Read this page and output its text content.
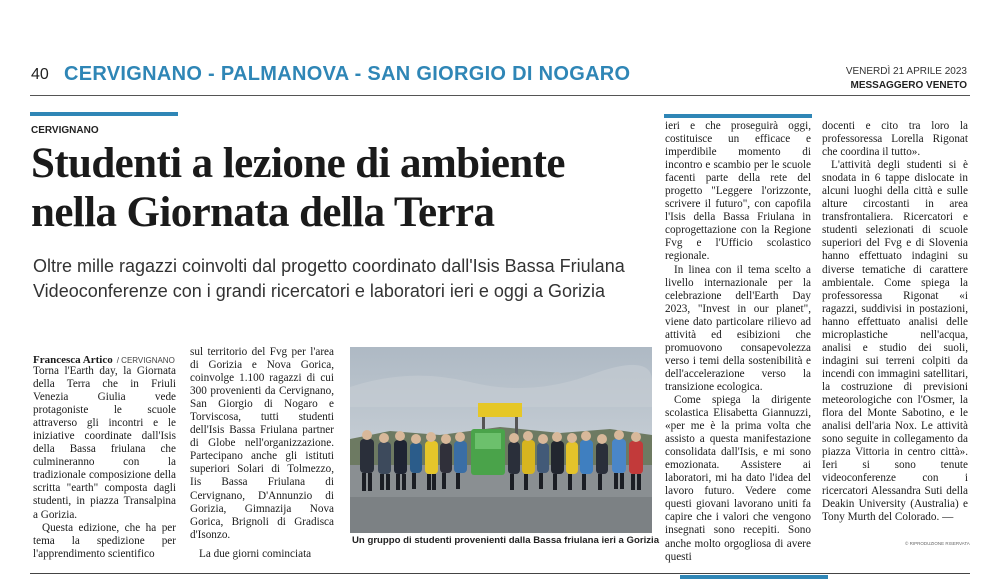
40 CERVIGNANO - PALMANOVA - SAN GIORGIO DI NOGARO	VENERDÌ 21 APRILE 2023
MESSAGGERO VENETO
CERVIGNANO
Studenti a lezione di ambiente
nella Giornata della Terra
Oltre mille ragazzi coinvolti dal progetto coordinato dall'Isis Bassa Friulana
Videoconferenze con i grandi ricercatori e laboratori ieri e oggi a Gorizia
Francesca Artico / CERVIGNANO

Torna l'Earth day, la Giornata della Terra che in Friuli Venezia Giulia vede protagoniste le scuole attraverso gli incontri e le iniziative coordinate dall'Isis della Bassa friulana che culmineranno con la tradizionale composizione della scritta "earth" composta dagli studenti, in piazza Transalpina a Gorizia.

Questa edizione, che ha per tema la spedizione per l'apprendimento scientifico

sul territorio del Fvg per l'area di Gorizia e Nova Gorica, coinvolge 1.100 ragazzi di cui 300 provenienti da Cervignano, San Giorgio di Nogaro e Torviscosa, tutti studenti dell'Isis Bassa Friulana partner di Globe nell'organizzazione. Partecipano anche gli istituti superiori Solari di Tolmezzo, Iis Bassa Friulana di Cervignano, D'Annunzio di Gorizia, Gimnazija Nova Gorica, Brignoli di Gradisca d'Isonzo.

La due giorni cominciata

Un gruppo di studenti provenienti dalla Bassa friulana ieri a Gorizia

ieri e che proseguirà oggi, costituisce un efficace e imperdibile momento di incontro e scambio per le scuole facenti parte della rete del progetto "Leggere l'orizzonte, scrivere il futuro", con capofila l'Isis della Bassa Friulana in coprogettazione con la Regione Fvg e l'Ufficio scolastico regionale.

In linea con il tema scelto a livello internazionale per la celebrazione dell'Earth Day 2023, "Invest in our planet", viene dato particolare rilievo ad attività ed esibizioni che promuovono consapevolezza verso i temi della sostenibilità e dell'accelerazione verso la transizione ecologica.

Come spiega la dirigente scolastica Elisabetta Giannuzzi, «per me è la prima volta che assisto a questa manifestazione consolidata dall'Isis, e mi sono emozionata. Assistere ai laboratori, mi ha dato l'idea del lavoro futuro. Vedere come questi giovani lavorano uniti fa capire che i valori che vengono insegnati sono recepiti. Sono anche molto orgogliosa di avere questi

docenti e cito tra loro la professoressa Lorella Rigonat che coordina il tutto».

L'attività degli studenti si è snodata in 6 tappe dislocate in alcuni luoghi della città e sulle alture circostanti in area transfrontaliera. Ricercatori e studenti selezionati di scuole superiori del Fvg e di Slovenia hanno effettuato indagini su diverse tematiche di carattere ambientale. Come spiega la professoressa Rigonat «i ragazzi, suddivisi in postazioni, hanno effettuato analisi delle microplastiche nell'acqua, analisi e studio dei suoli, indagini sui terreni colpiti da incendi con immagini satellitari, la costruzione di previsioni meteorologiche con l'Osmer, la flora del Monte Sabotino, e le analisi dell'aria Nox. Le attività sono seguite in collegamento da piazza Vittoria in centro città». Ieri si sono tenute videoconferenze con i ricercatori Alessandra Suti della Deakin University (Australia) e Tony Murth del Colorado. —

© RIPRODUZIONE RISERVATA
